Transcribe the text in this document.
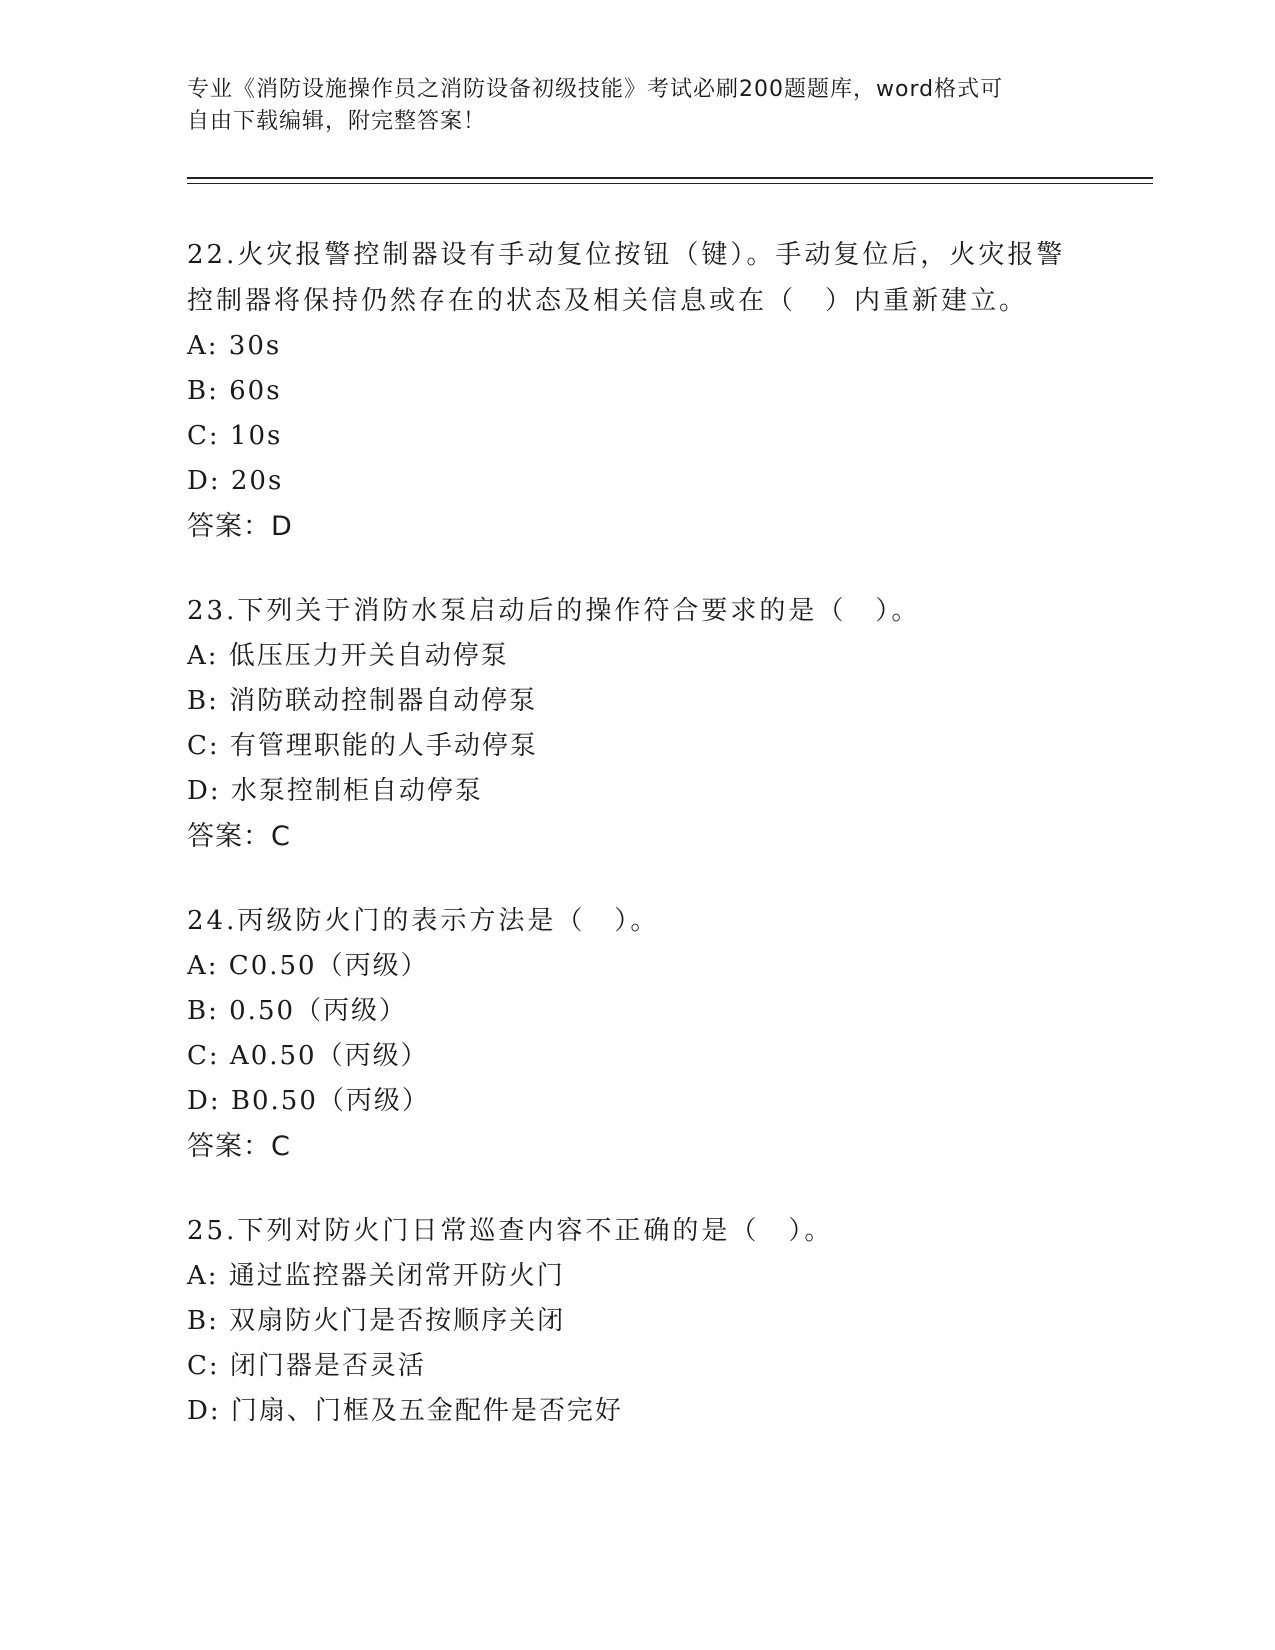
专业《消防设施操作员之消防设备初级技能》考试必刷200题题库，word格式可
自由下载编辑，附完整答案！
22.火灾报警控制器设有手动复位按钮（键）。手动复位后，火灾报警
控制器将保持仍然存在的状态及相关信息或在（　）内重新建立。
A: 30s
B: 60s
C: 10s
D: 20s
答案：D
23.下列关于消防水泵启动后的操作符合要求的是（　）。
A: 低压压力开关自动停泵
B: 消防联动控制器自动停泵
C: 有管理职能的人手动停泵
D: 水泵控制柜自动停泵
答案：C
24.丙级防火门的表示方法是（　）。
A: C0.50（丙级）
B: 0.50（丙级）
C: A0.50（丙级）
D: B0.50（丙级）
答案：C
25.下列对防火门日常巡查内容不正确的是（　）。
A: 通过监控器关闭常开防火门
B: 双扇防火门是否按顺序关闭
C: 闭门器是否灵活
D: 门扇、门框及五金配件是否完好
